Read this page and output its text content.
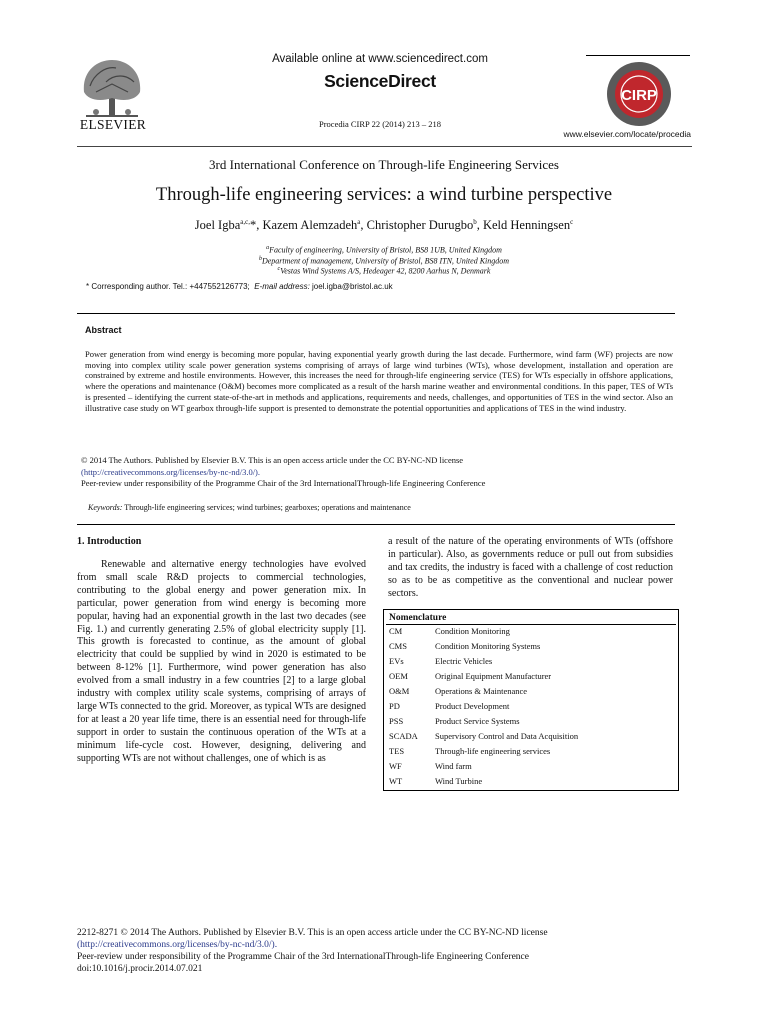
ELSEVIER
Available online at www.sciencedirect.com
ScienceDirect
Procedia CIRP 22 (2014) 213 – 218
CIRP
www.elsevier.com/locate/procedia
3rd International Conference on Through-life Engineering Services
Through-life engineering services: a wind turbine perspective
Joel Igba$^{a,c,}$*, Kazem Alemzadeh$^a$, Christopher Durugbo$^b$, Keld Henningsen$^c$
$^a$Faculty of engineering, University of Bristol, BS8 1UB, United Kingdom
$^b$Department of management, University of Bristol, BS8 ITN, United Kingdom
$^c$Vestas Wind Systems A/S, Hedeager 42, 8200 Aarhus N, Denmark
* Corresponding author. Tel.: +447552126773; E-mail address: joel.igba@bristol.ac.uk
Abstract
Power generation from wind energy is becoming more popular, having exponential yearly growth during the last decade. Furthermore, wind farm (WF) projects are now moving into complex utility scale power generation systems comprising of arrays of large wind turbines (WTs), whose development, installation and operation are constrained by extreme and hostile environments. However, this increases the need for through-life engineering service (TES) for WTs especially in offshore applications, where the operations and maintenance (O&M) becomes more complicated as a result of the harsh marine weather and environmental conditions. In this paper, TES of WTs is presented – identifying the current state-of-the-art in methods and applications, requirements and needs, challenges, and opportunities of TES in the wind sector. Also an illustrative case study on WT gearbox through-life support is presented to demonstrate the potential opportunities and applications of TES in the wind industry.
© 2014 The Authors. Published by Elsevier B.V. This is an open access article under the CC BY-NC-ND license
(http://creativecommons.org/licenses/by-nc-nd/3.0/).
Peer-review under responsibility of the Programme Chair of the 3rd InternationalThrough-life Engineering Conference
Keywords: Through-life engineering services; wind turbines; gearboxes; operations and maintenance
1. Introduction
Renewable and alternative energy technologies have evolved from small scale R&D projects to commercial technologies, contributing to the global energy and power generation mix. In particular, power generation from wind energy is becoming more popular, having had an exponential growth in the last two decades (see Fig. 1.) and currently generating 2.5% of global electricity supply [1]. This growth is forecasted to continue, as the amount of global electricity that could be supplied by wind in 2020 is estimated to be between 8-12% [1]. Furthermore, wind power generation has also evolved from a small industry in a few countries [2] to a large global industry with complex utility scale systems, comprising of arrays of large WTs connected to the grid. Moreover, as typical WTs are designed for at least a 20 year life time, there is an essential need for through-life support in order to sustain the continuous operation of the WTs at a minimum life-cycle cost. However, designing, delivering and supporting WTs are not without challenges, one of which is as
a result of the nature of the operating environments of WTs (offshore in particular). Also, as governments reduce or pull out from subsidies and tax credits, the industry is faced with a challenge of cost reduction so as to be as competitive as the conventional and nuclear power sectors.
Nomenclature
CM	Condition Monitoring
CMS	Condition Monitoring Systems
EVs	Electric Vehicles
OEM	Original Equipment Manufacturer
O&M	Operations & Maintenance
PD	Product Development
PSS	Product Service Systems
SCADA Supervisory Control and Data Acquisition
TES	Through-life engineering services
WF	Wind farm
WT	Wind Turbine
2212-8271 © 2014 The Authors. Published by Elsevier B.V. This is an open access article under the CC BY-NC-ND license
(http://creativecommons.org/licenses/by-nc-nd/3.0/).
Peer-review under responsibility of the Programme Chair of the 3rd InternationalThrough-life Engineering Conference
doi:10.1016/j.procir.2014.07.021
